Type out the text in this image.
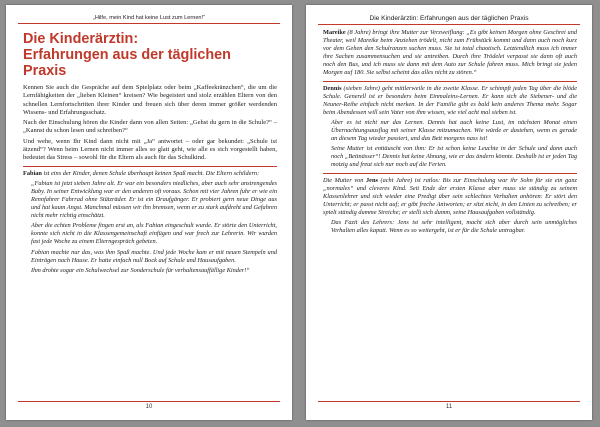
„Hilfe, mein Kind hat keine Lust zum Lernen!“
Die Kinderärztin:
Erfahrungen aus der täglichen Praxis

Kennen Sie auch die Gespräche auf dem Spielplatz oder beim „Kaffeekränzchen“, die um die Lernfähigkeiten der „lieben Kleinen“ kreisen? Wie begeistert und stolz erzählen Eltern von den schnellen Lernfortschritten ihrer Kinder und freuen sich über deren immer größer werdenden Wissens- und Erfahrungsschatz.

Nach der Einschulung hören die Kinder dann von allen Seiten: „Gehst du gern in die Schule?“ – „Kannst du schon lesen und schreiben?“

Und wehe, wenn Ihr Kind dann nicht mit „Ja“ antwortet – oder gar bekundet: „Schule ist ätzend“? Wenn beim Lernen nicht immer alles so glatt geht, wie alle es sich vorgestellt haben, bedeutet das Stress – sowohl für die Eltern als auch für das Schulkind.

Fabian ist eins der Kinder, denen Schule überhaupt keinen Spaß macht. Die Eltern schildern:

„Fabian ist jetzt sieben Jahre alt. Er war ein besonders niedliches, aber auch sehr anstrengendes Baby. In seiner Entwicklung war er den anderen oft voraus. Schon mit vier Jahren fuhr er wie ein Rennfahrer Fahrrad ohne Stützräder. Er ist ein Draufgänger. Er probiert gern neue Dinge aus und hat kaum Angst. Manchmal müssen wir ihn bremsen, wenn er zu stark aufdreht und Gefahren nicht mehr richtig einschätzt.

Aber die echten Probleme fingen erst an, als Fabian eingeschult wurde. Er störte den Unterricht, konnte sich nicht in die Klassengemeinschaft einfügen und war frech zur Lehrerin. Wir wurden fast jede Woche zu einem Elterngespräch gebeten.

Fabian machte nur das, was ihm Spaß machte. Und jede Woche kam er mit neuen Stempeln und Einträgen nach Hause. Er hatte einfach null Bock auf Schule und Hausaufgaben.

Ihm drohte sogar ein Schulwechsel zur Sonderschule für verhaltensauffällige Kinder!“

10
Die Kinderärztin: Erfahrungen aus der täglichen Praxis

Mareike (8 Jahre) bringt ihre Mutter zur Verzweiflung: „Es gibt keinen Morgen ohne Geschrei und Theater, weil Mareike beim Anziehen trödelt, nicht zum Frühstück kommt und dann auch noch kurz vor dem Gehen den Schulranzen suchen muss. Sie ist total chaotisch. Letztendlich muss ich immer ihre Sachen zusammensuchen und sie antreiben. Durch ihre Trödelei verpasst sie dann oft auch noch den Bus, und ich muss sie dann mit dem Auto zur Schule fahren muss. Mich bringt sie jeden Morgen auf 180. Sie selbst scheint das alles nicht zu stören.“

Dennis (sieben Jahre) geht mittlerweile in die zweite Klasse. Er schimpft jeden Tag über die blöde Schule. Generell ist er besonders beim Einmaleins-Lernen. Er kann sich die Siebener- und die Neuner-Reihe einfach nicht merken. In der Familie gibt es bald kein anderes Thema mehr. Sogar beim Abendessen will sein Vater von ihm wissen, wie viel acht mal sieben ist.

Aber es ist nicht nur das Lernen. Dennis hat auch keine Lust, im nächsten Monat einen Übernachtungsausflug mit seiner Klasse mitzumachen. Wie würde er dastehen, wenn es gerade an diesem Tag wieder passiert, und das Bett morgens nass ist!

Seine Mutter ist enttäuscht von ihm: Er ist schon keine Leuchte in der Schule und dann auch noch „Bettnässer“! Dennis hat keine Ahnung, wie er das ändern könnte. Deshalb ist er jeden Tag motzig und freut sich nur noch auf die Ferien.

Die Mutter von Jens (acht Jahre) ist ratlos: Bis zur Einschulung war ihr Sohn für sie ein ganz „normales“ und cleveres Kind. Seit Ende der ersten Klasse aber muss sie ständig zu seinem Klassenlehrer und sich wieder eine Predigt über sein schlechtes Verhalten anhören: Er stört den Unterricht; er passt nicht auf; er gibt freche Antworten; er sitzt nicht, in den Linien zu schreiben; er spielt ständig dumme Streiche; er stellt sich dumm, seine Hausaufgaben vollständig.

Das Fazit des Lehrers: Jens ist sehr intelligent, macht sich aber durch sein unmögliches Verhalten alles kaputt. Wenn es so weitergeht, ist er für die Schule untragbar.

11
